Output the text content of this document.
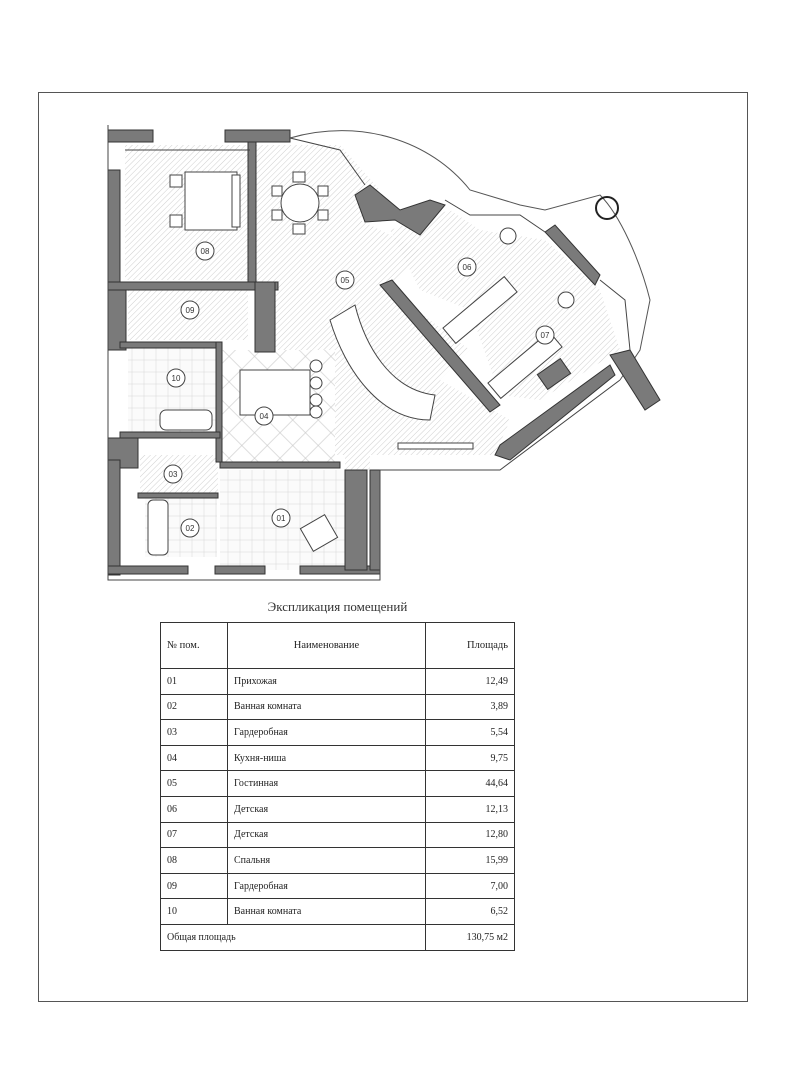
08
05
06
07
09
10
04
03
02
01
Экспликация помещений
№ пом.	Наименование	Площадь
01	Прихожая	12,49
02	Ванная комната	3,89
03	Гардеробная	5,54
04	Кухня-ниша	9,75
05	Гостинная	44,64
06	Детская	12,13
07	Детская	12,80
08	Спальня	15,99
09	Гардеробная	7,00
10	Ванная комната	6,52
Общая площадь		130,75 м2
